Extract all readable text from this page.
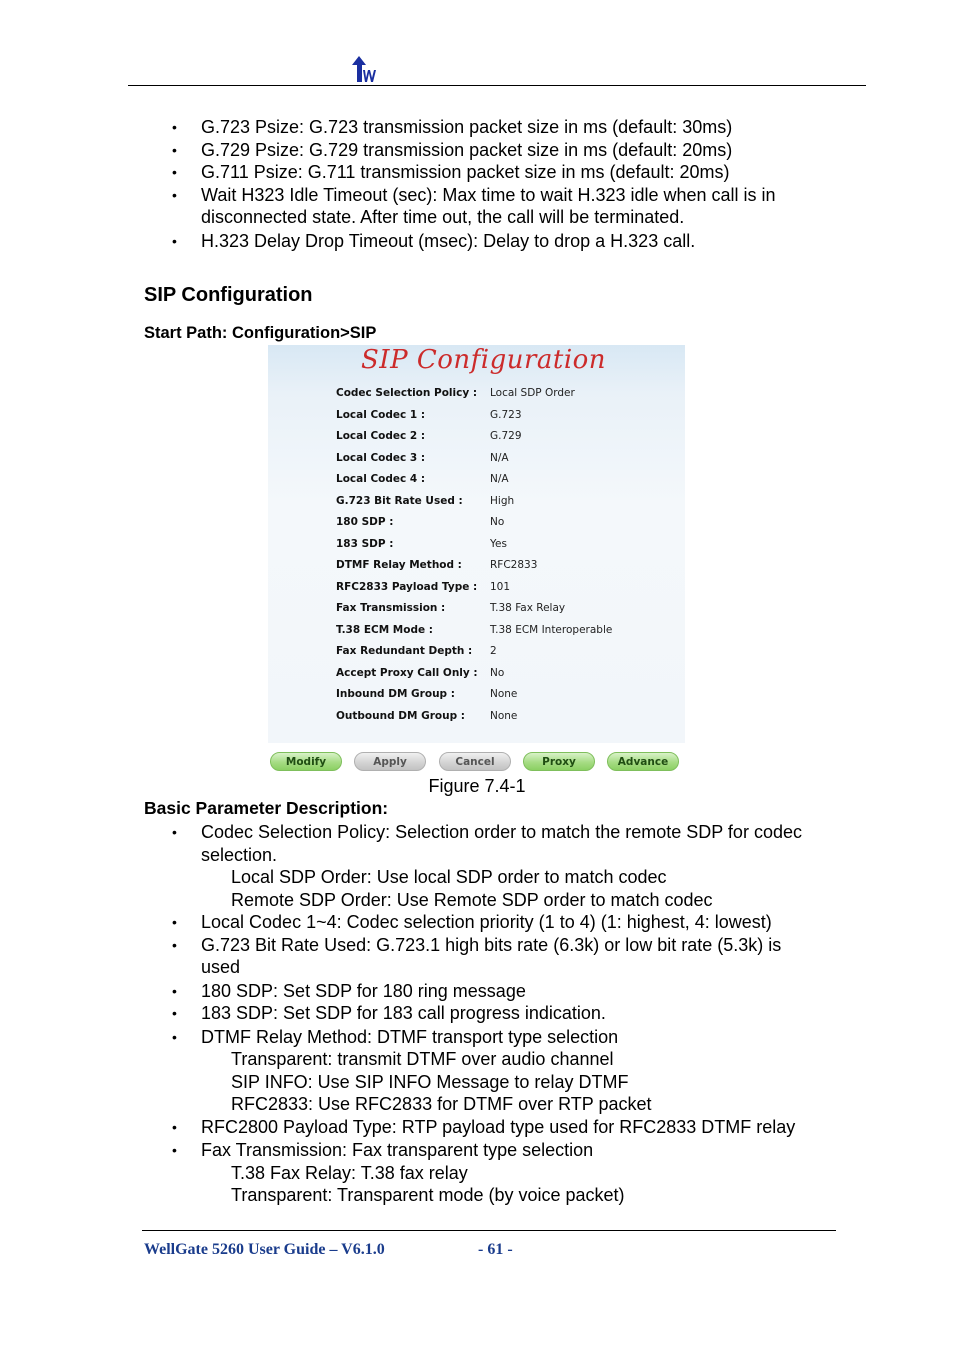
• G.723 Psize: G.723 transmission packet size in ms (default: 30ms)
• G.729 Psize: G.729 transmission packet size in ms (default: 20ms)
• G.711 Psize: G.711 transmission packet size in ms (default: 20ms)
• Wait H323 Idle Timeout (sec): Max time to wait H.323 idle when call is in disconnected state. After time out, the call will be terminated.
• H.323 Delay Drop Timeout (msec): Delay to drop a H.323 call.
SIP Configuration
Start Path: Configuration>SIP
SIP Configuration
Codec Selection Policy : Local SDP Order
Local Codec 1 :	G.723
Local Codec 2 :	G.729
Local Codec 3 :	N/A
Local Codec 4 :	N/A
G.723 Bit Rate Used :	High
180 SDP :	No
183 SDP :	Yes
DTMF Relay Method :	RFC2833
RFC2833 Payload Type : 101
Fax Transmission :	T.38 Fax Relay
T.38 ECM Mode :	T.38 ECM Interoperable
Fax Redundant Depth : 2
Accept Proxy Call Only : No
Inbound DM Group :	None
Outbound DM Group : None
Modify	Apply	Cancel	Proxy	Advance
Figure 7.4-1
Basic Parameter Description:
• Codec Selection Policy: Selection order to match the remote SDP for codec selection.
Local SDP Order: Use local SDP order to match codec
Remote SDP Order: Use Remote SDP order to match codec
• Local Codec 1~4: Codec selection priority (1 to 4) (1: highest, 4: lowest)
• G.723 Bit Rate Used: G.723.1 high bits rate (6.3k) or low bit rate (5.3k) is used
• 180 SDP: Set SDP for 180 ring message
• 183 SDP: Set SDP for 183 call progress indication.
• DTMF Relay Method: DTMF transport type selection
Transparent: transmit DTMF over audio channel
SIP INFO: Use SIP INFO Message to relay DTMF
RFC2833: Use RFC2833 for DTMF over RTP packet
• RFC2800 Payload Type: RTP payload type used for RFC2833 DTMF relay
• Fax Transmission: Fax transparent type selection
T.38 Fax Relay: T.38 fax relay
Transparent: Transparent mode (by voice packet)
WellGate 5260 User Guide – V6.1.0	- 61 -
